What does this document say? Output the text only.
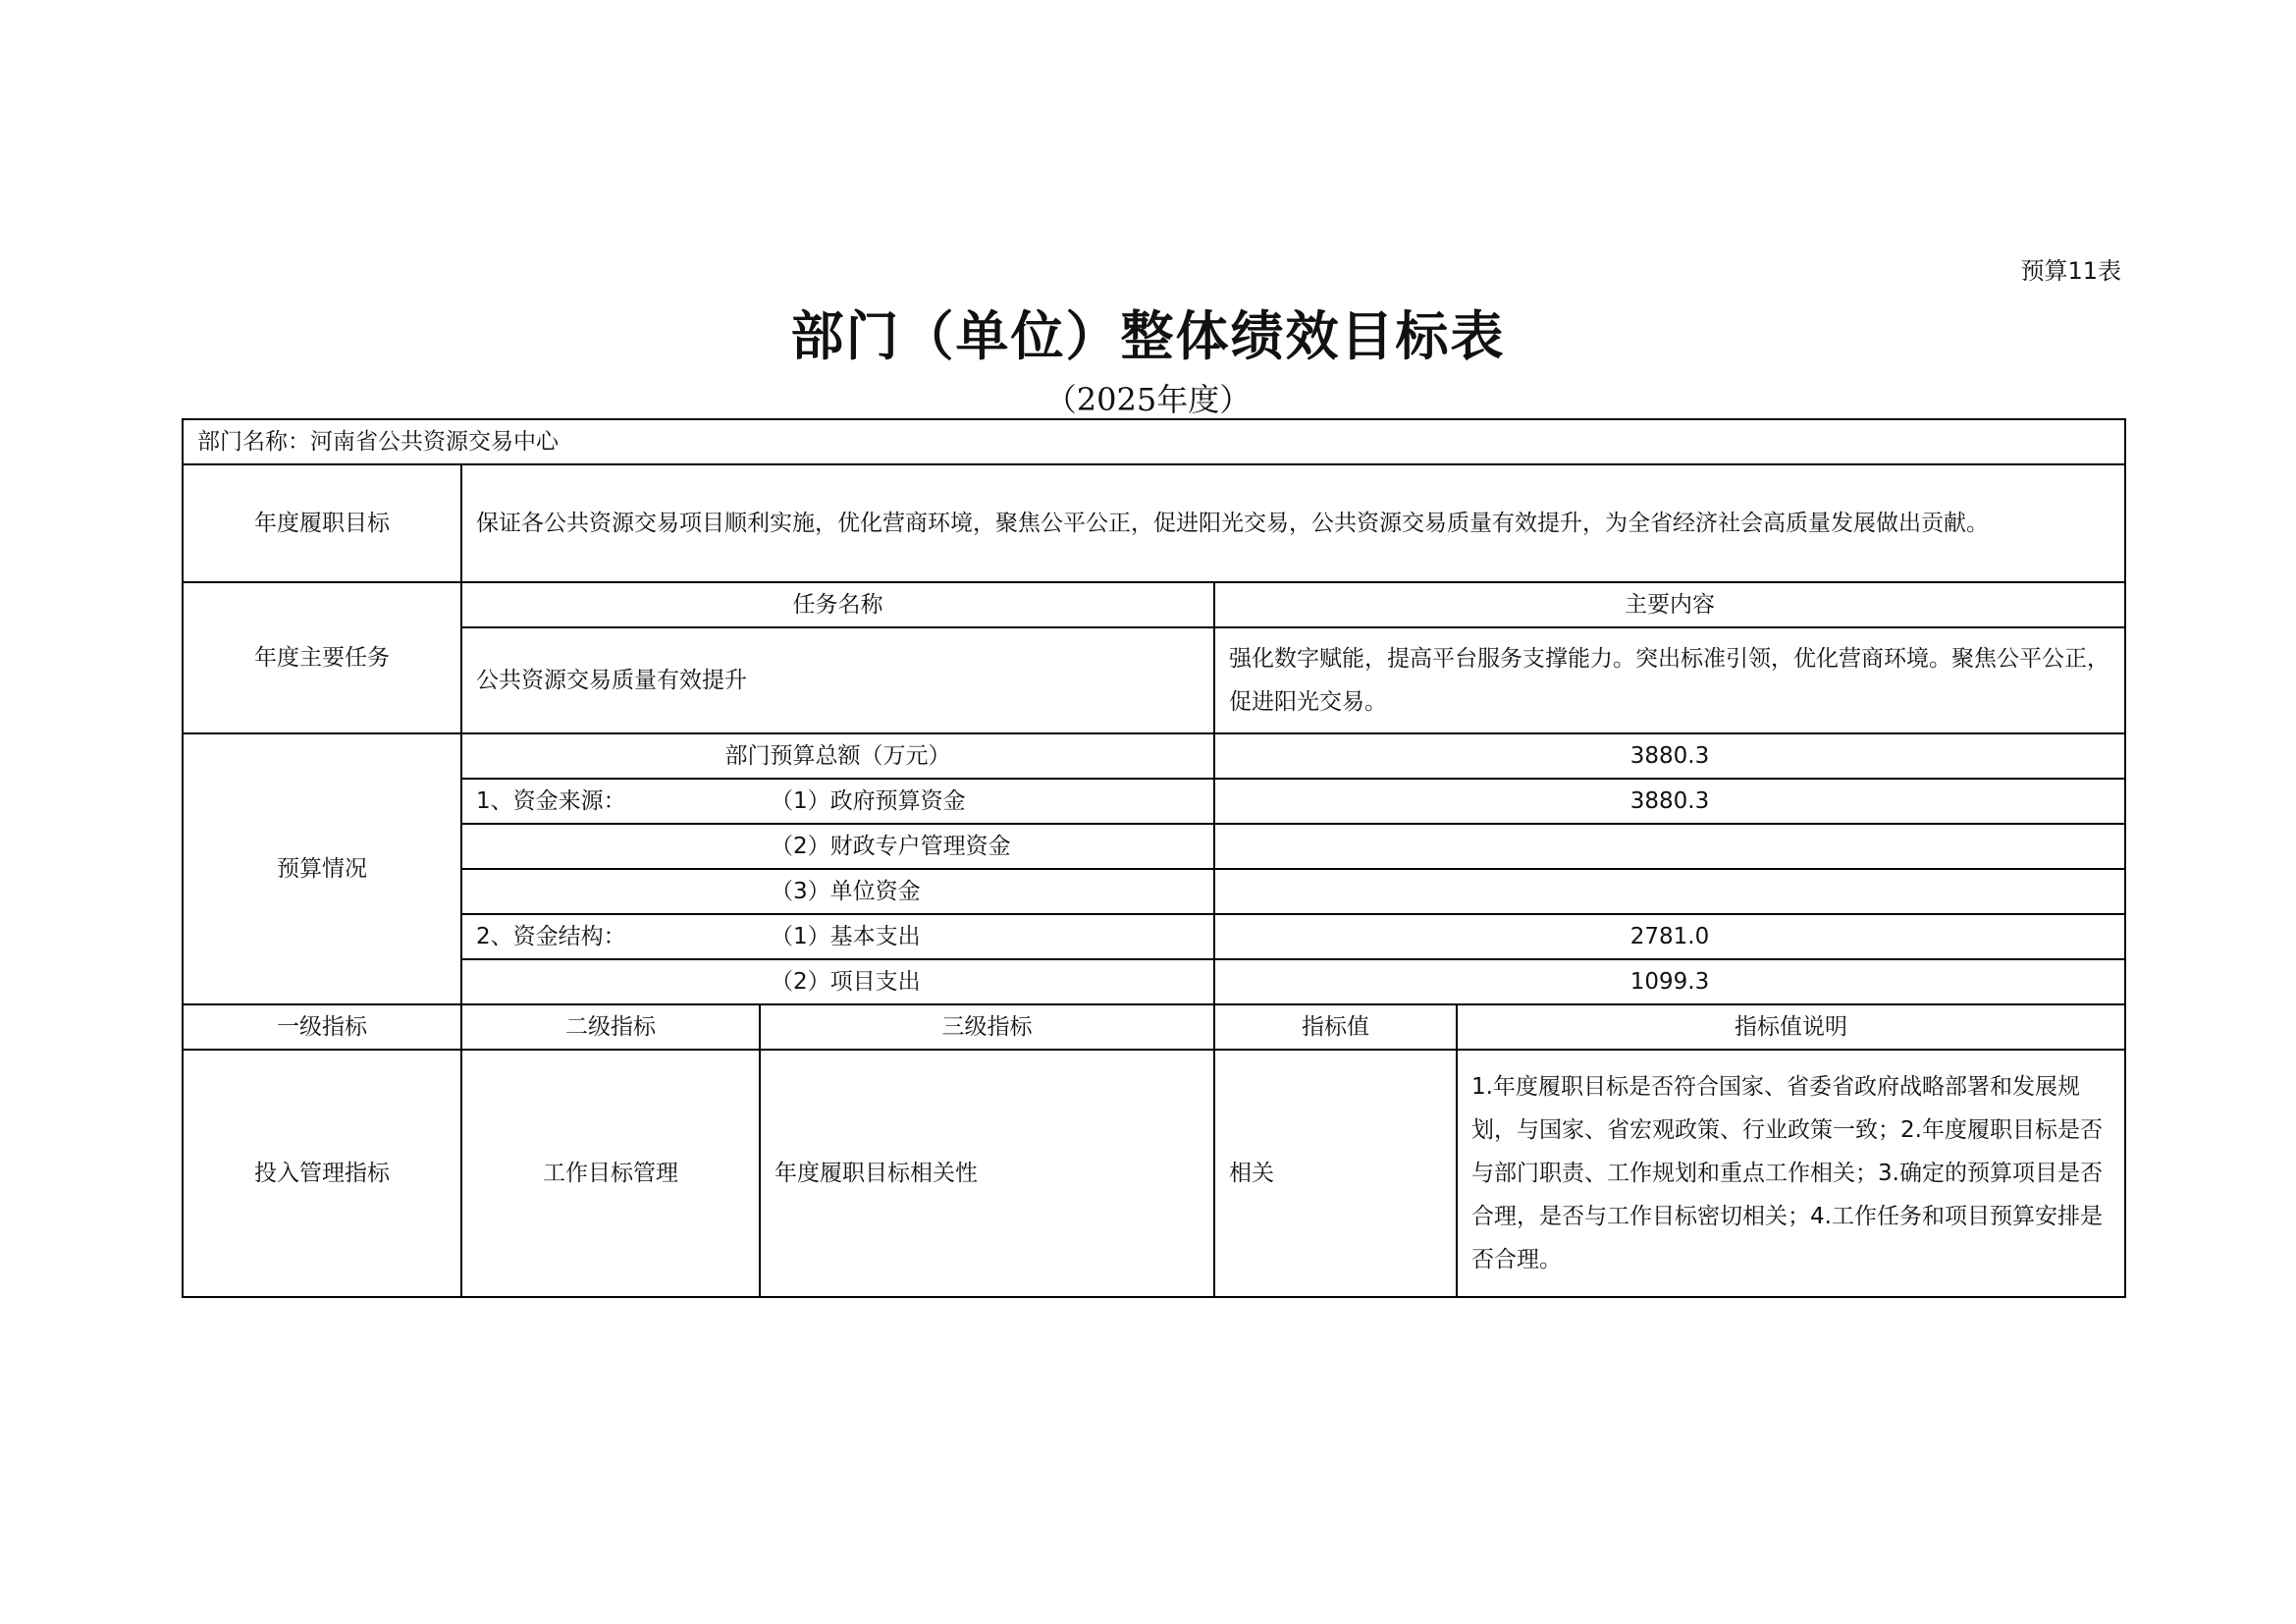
预算11表
部门（单位）整体绩效目标表
（2025年度）
部门名称：河南省公共资源交易中心				
年度履职目标	保证各公共资源交易项目顺利实施，优化营商环境，聚焦公平公正，促进阳光交易，公共资源交易质量有效提升，为全省经济社会高质量发展做出贡献。			
年度主要任务	任务名称		主要内容	
	公共资源交易质量有效提升		强化数字赋能，提高平台服务支撑能力。突出标准引领，优化营商环境。聚焦公平公正，促进阳光交易。	
预算情况	部门预算总额（万元）		3880.3	
	1、资金来源： （1）政府预算资金		3880.3	
	（2）财政专户管理资金			
	（3）单位资金			
	2、资金结构： （1）基本支出		2781.0	
	（2）项目支出		1099.3	
一级指标	二级指标	三级指标	指标值	指标值说明
投入管理指标	工作目标管理	年度履职目标相关性	相关	1.年度履职目标是否符合国家、省委省政府战略部署和发展规划，与国家、省宏观政策、行业政策一致；2.年度履职目标是否与部门职责、工作规划和重点工作相关；3.确定的预算项目是否合理，是否与工作目标密切相关；4.工作任务和项目预算安排是否合理。
